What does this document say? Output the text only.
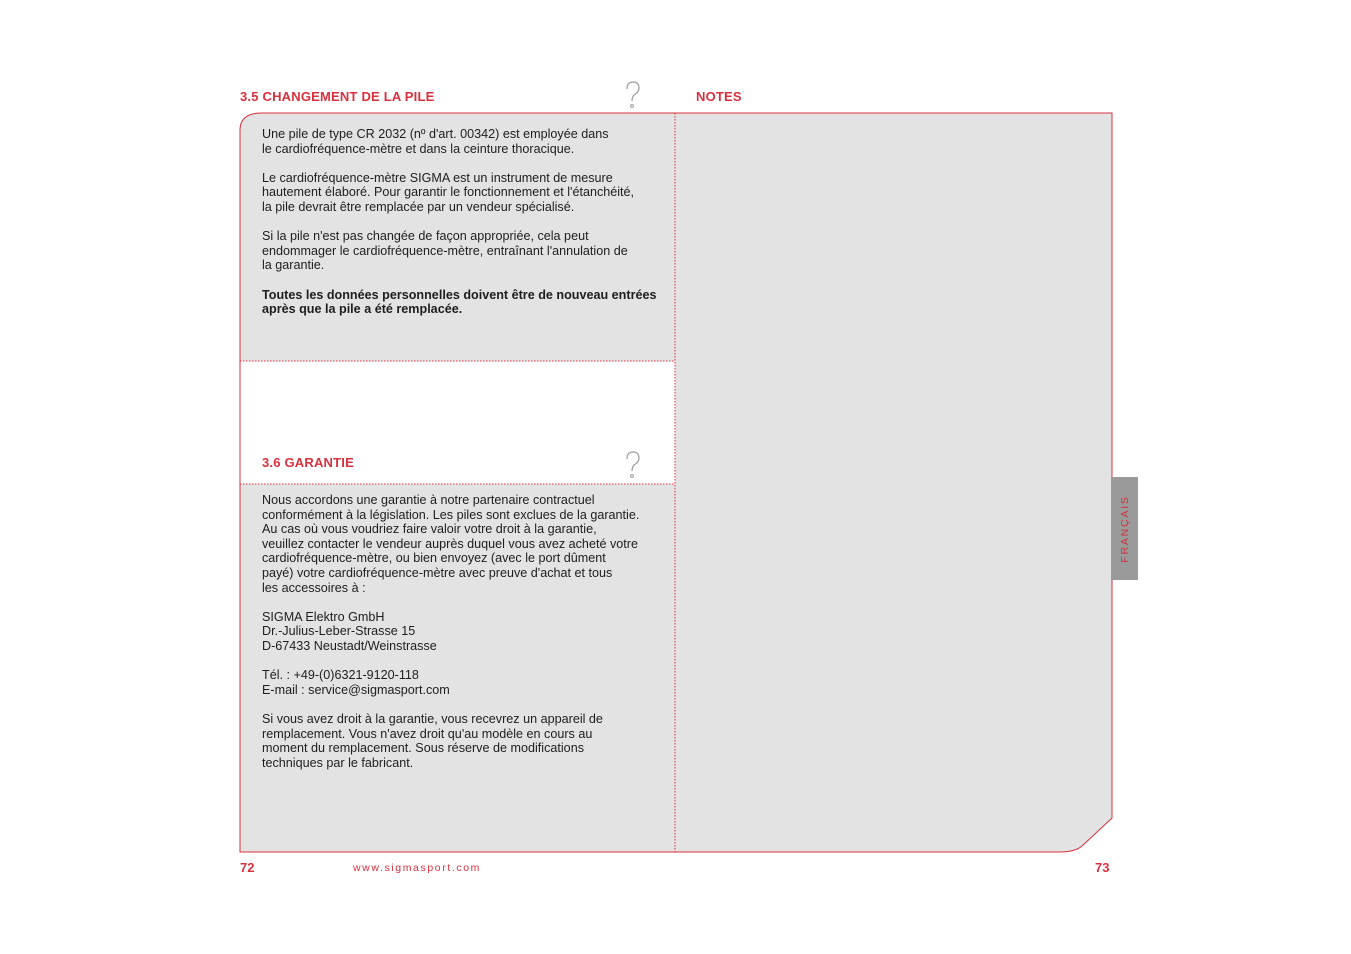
3.5 CHANGEMENT DE LA PILE	NOTES

Une pile de type CR 2032 (nº d'art. 00342) est employée dans
le cardiofréquence-mètre et dans la ceinture thoracique.

Le cardiofréquence-mètre SIGMA est un instrument de mesure
hautement élaboré. Pour garantir le fonctionnement et l'étanchéité,
la pile devrait être remplacée par un vendeur spécialisé.

Si la pile n'est pas changée de façon appropriée, cela peut
endommager le cardiofréquence-mètre, entraînant l'annulation de
la garantie.

Toutes les données personnelles doivent être de nouveau entrées
après que la pile a été remplacée.

3.6 GARANTIE

Nous accordons une garantie à notre partenaire contractuel
conformément à la législation. Les piles sont exclues de la garantie.
Au cas où vous voudriez faire valoir votre droit à la garantie,
veuillez contacter le vendeur auprès duquel vous avez acheté votre
cardiofréquence-mètre, ou bien envoyez (avec le port dûment
payé) votre cardiofréquence-mètre avec preuve d'achat et tous
les accessoires à :

SIGMA Elektro GmbH
Dr.-Julius-Leber-Strasse 15
D-67433 Neustadt/Weinstrasse

Tél. : +49-(0)6321-9120-118
E-mail : service@sigmasport.com

Si vous avez droit à la garantie, vous recevrez un appareil de
remplacement. Vous n'avez droit qu'au modèle en cours au
moment du remplacement. Sous réserve de modifications
techniques par le fabricant.

FRANÇAIS
72	www.sigmasport.com	73
